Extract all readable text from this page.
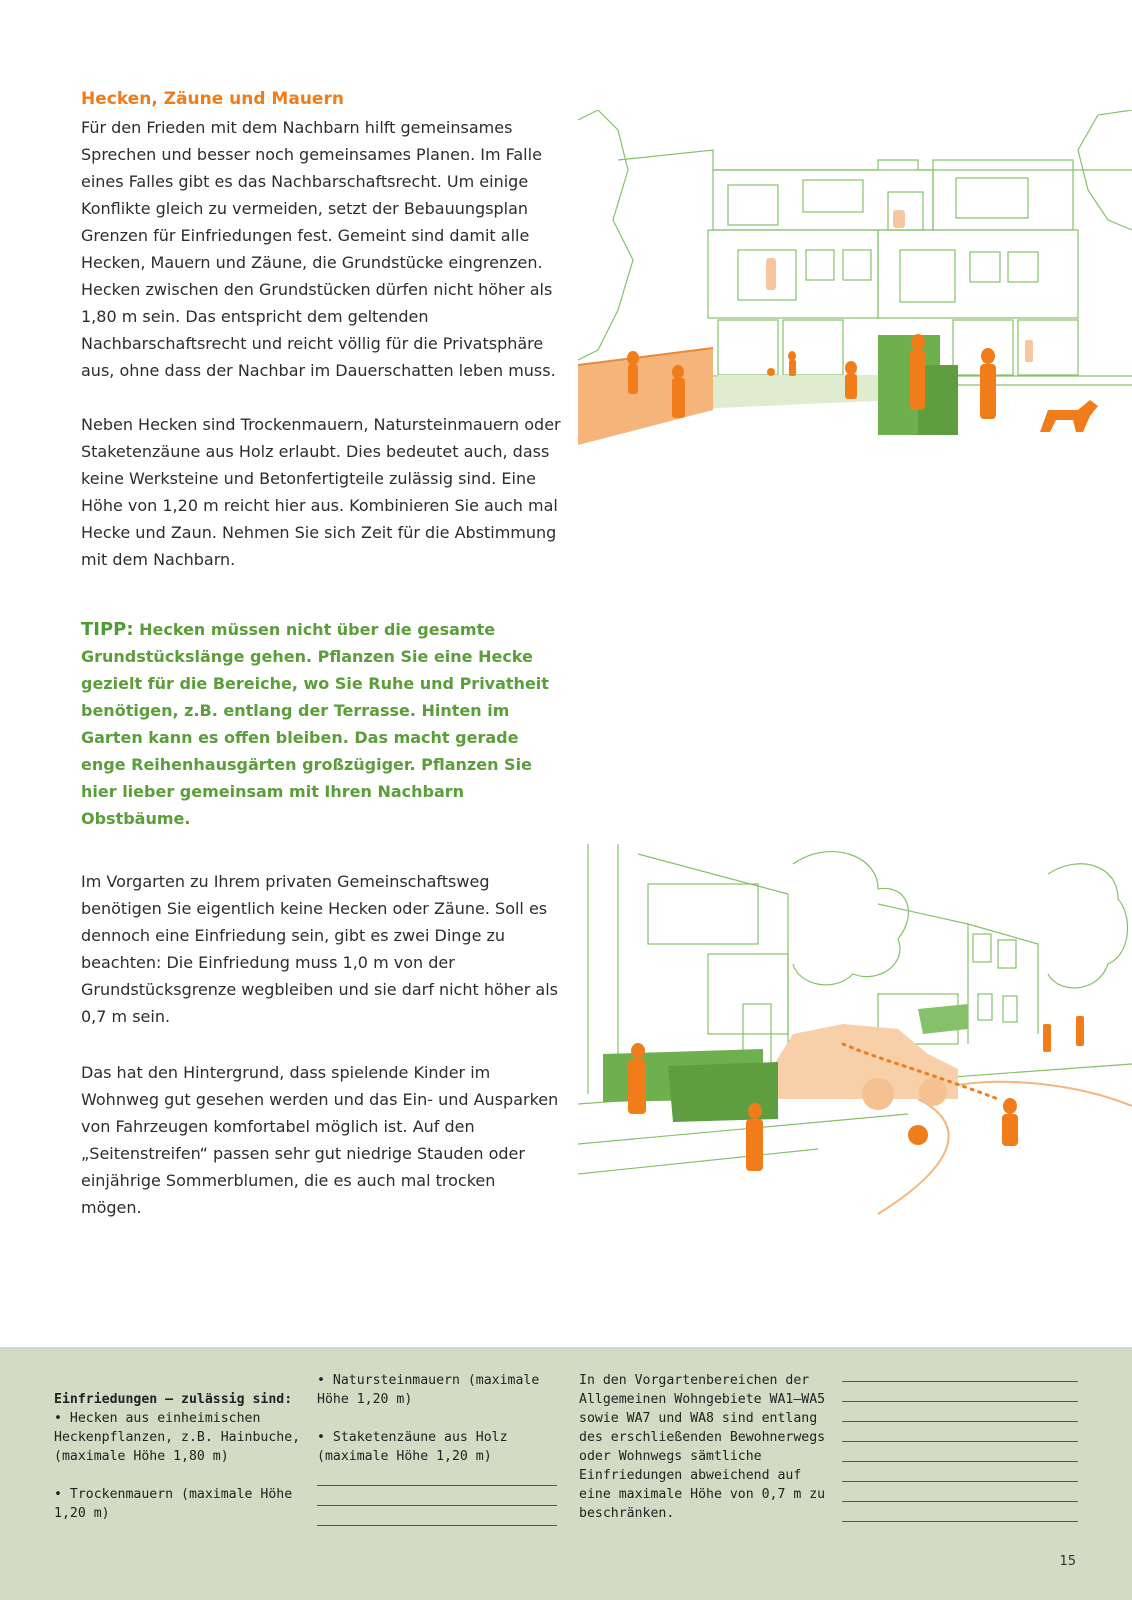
Hecken, Zäune und Mauern

Für den Frieden mit dem Nachbarn hilft gemeinsames Sprechen und besser noch gemeinsames Planen. Im Falle eines Falles gibt es das Nachbarschaftsrecht. Um einige Konflikte gleich zu vermeiden, setzt der Bebauungsplan Grenzen für Einfriedungen fest. Gemeint sind damit alle Hecken, Mauern und Zäune, die Grundstücke eingrenzen. Hecken zwischen den Grundstücken dürfen nicht höher als 1,80 m sein. Das entspricht dem geltenden Nachbarschaftsrecht und reicht völlig für die Privatsphäre aus, ohne dass der Nachbar im Dauerschatten leben muss.

Neben Hecken sind Trockenmauern, Natursteinmauern oder Staketenzäune aus Holz erlaubt. Dies bedeutet auch, dass keine Werksteine und Betonfertigteile zulässig sind. Eine Höhe von 1,20 m reicht hier aus. Kombinieren Sie auch mal Hecke und Zaun. Nehmen Sie sich Zeit für die Abstimmung mit dem Nachbarn.

TIPP: Hecken müssen nicht über die gesamte Grundstückslänge gehen. Pflanzen Sie eine Hecke gezielt für die Bereiche, wo Sie Ruhe und Privatheit benötigen, z.B. entlang der Terrasse. Hinten im Garten kann es offen bleiben. Das macht gerade enge Reihenhausgärten großzügiger. Pflanzen Sie hier lieber gemeinsam mit Ihren Nachbarn Obstbäume.

Im Vorgarten zu Ihrem privaten Gemeinschaftsweg benötigen Sie eigentlich keine Hecken oder Zäune. Soll es dennoch eine Einfriedung sein, gibt es zwei Dinge zu beachten: Die Einfriedung muss 1,0 m von der Grundstücksgrenze wegbleiben und sie darf nicht höher als 0,7 m sein.

Das hat den Hintergrund, dass spielende Kinder im Wohnweg gut gesehen werden und das Ein- und Ausparken von Fahrzeugen komfortabel möglich ist. Auf den „Seitenstreifen“ passen sehr gut niedrige Stauden oder einjährige Sommerblumen, die es auch mal trocken mögen.

Einfriedungen – zulässig sind:

• Hecken aus einheimischen Heckenpflanzen, z.B. Hainbuche, (maximale Höhe 1,80 m)

• Trockenmauern (maximale Höhe 1,20 m)

• Natursteinmauern (maximale Höhe 1,20 m)

• Staketenzäune aus Holz (maximale Höhe 1,20 m)

In den Vorgartenbereichen der Allgemeinen Wohngebiete WA1–WA5 sowie WA7 und WA8 sind entlang des erschließenden Bewohnerwegs oder Wohnwegs sämtliche Einfriedungen abweichend auf eine maximale Höhe von 0,7 m zu beschränken.

15
